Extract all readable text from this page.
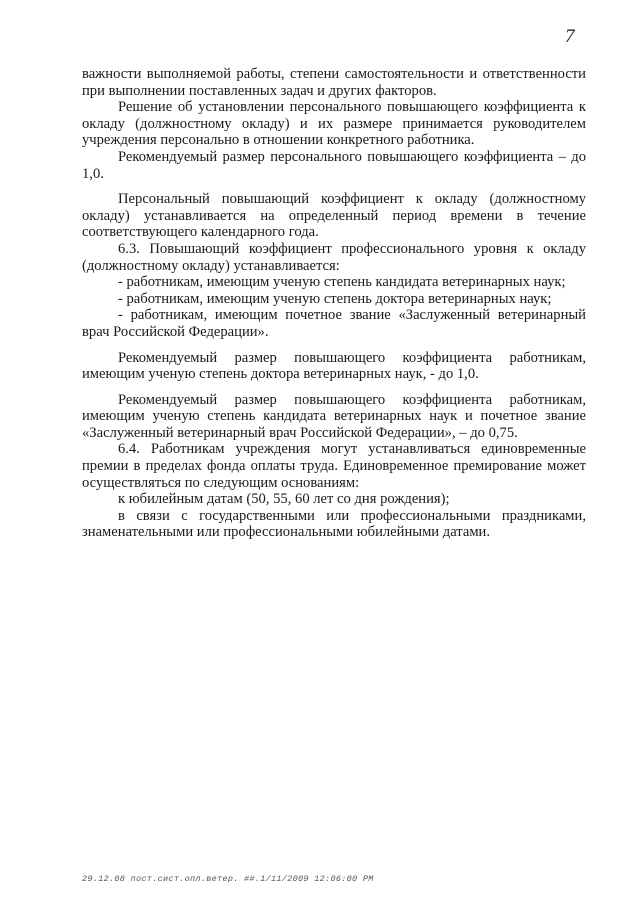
7

важности выполняемой работы, степени самостоятельности и ответственности при выполнении поставленных задач и других факторов.

Решение об установлении персонального повышающего коэффициента к окладу (должностному окладу) и их размере принимается руководителем учреждения персонально в отношении конкретного работника.

Рекомендуемый размер персонального повышающего коэффициента – до 1,0.

Персональный повышающий коэффициент к окладу (должностному окладу) устанавливается на определенный период времени в течение соответствующего календарного года.

6.3. Повышающий коэффициент профессионального уровня к окладу (должностному окладу) устанавливается:

- работникам, имеющим ученую степень кандидата ветеринарных наук;

- работникам, имеющим ученую степень доктора ветеринарных наук;

- работникам, имеющим почетное звание «Заслуженный ветеринарный врач Российской Федерации».

Рекомендуемый размер повышающего коэффициента работникам, имеющим ученую степень доктора ветеринарных наук, - до 1,0.

Рекомендуемый размер повышающего коэффициента работникам, имеющим ученую степень кандидата ветеринарных наук и почетное звание «Заслуженный ветеринарный врач Российской Федерации», – до 0,75.

6.4. Работникам учреждения могут устанавливаться единовременные премии в пределах фонда оплаты труда. Единовременное премирование может осуществляться по следующим основаниям:

к юбилейным датам (50, 55, 60 лет со дня рождения);

в связи с государственными или профессиональными праздниками, знаменательными или профессиональными юбилейными датами.

29.12.08 пост.сист.опл.ветер. ##.1/11/2009 12:06:00 PM
